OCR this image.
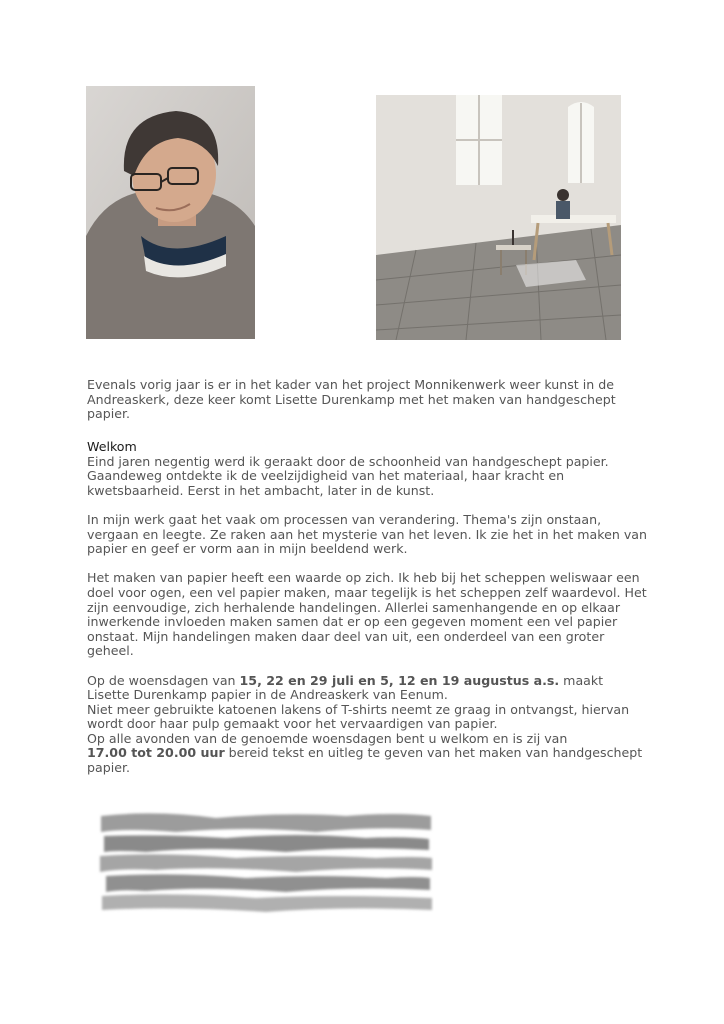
Evenals vorig jaar is er in het kader van het project Monnikenwerk weer kunst in de Andreaskerk, deze keer komt Lisette Durenkamp met het maken van handgeschept papier.

Welkom

Eind jaren negentig werd ik geraakt door de schoonheid van handgeschept papier. Gaandeweg ontdekte ik de veelzijdigheid van het materiaal, haar kracht en kwetsbaarheid. Eerst in het ambacht, later in de kunst.

In mijn werk gaat het vaak om processen van verandering. Thema's zijn onstaan, vergaan en leegte. Ze raken aan het mysterie van het leven. Ik zie het in het maken van papier en geef er vorm aan in mijn beeldend werk.

Het maken van papier heeft een waarde op zich. Ik heb bij het scheppen weliswaar een doel voor ogen, een vel papier maken, maar tegelijk is het scheppen zelf waardevol. Het zijn eenvoudige, zich herhalende handelingen. Allerlei samenhangende en op elkaar inwerkende invloeden maken samen dat er op een gegeven moment een vel papier onstaat. Mijn handelingen maken daar deel van uit, een onderdeel van een groter geheel.

Op de woensdagen van 15, 22 en 29 juli en 5, 12 en 19 augustus a.s. maakt Lisette Durenkamp papier in de Andreaskerk van Eenum.
Niet meer gebruikte katoenen lakens of T-shirts neemt ze graag in ontvangst, hiervan wordt door haar pulp gemaakt voor het vervaardigen van papier.
Op alle avonden van de genoemde woensdagen bent u welkom en is zij van
17.00 tot 20.00 uur bereid tekst en uitleg te geven van het maken van handgeschept papier.
